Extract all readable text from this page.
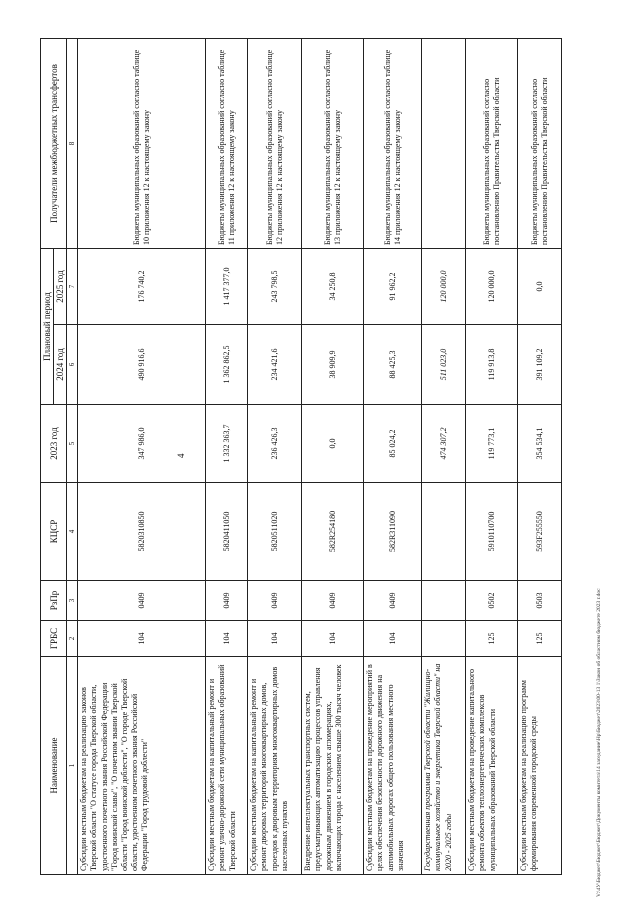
4
Наименование	ГРБС	РзПр	КЦСР	2023 год	Плановый период		Получатели межбюджетных трансфертов
					2024 год	2025 год	
1	2	3	4	5	6	7	8
Субсидии местным бюджетам на реализацию законов Тверской области "О статусе города Тверской области, удостоенного почетного звания Российской Федерации "Город воинской славы", "О почетном звании Тверской области "Город воинской доблести", "О городе Тверской области, удостоенном почетного звания Российской Федерации "Город трудовой доблести"	104	0409	5820310850	347 986,0	490 916,6	176 740,2	Бюджеты муниципальных образований согласно таблице 10 приложения 12 к настоящему закону
Субсидии местным бюджетам на капитальный ремонт и ремонт улично-дорожной сети муниципальных образований Тверской области	104	0409	5820411050	1 332 363,7	1 362 862,5	1 417 377,0	Бюджеты муниципальных образований согласно таблице 11 приложения 12 к настоящему закону
Субсидии местным бюджетам на капитальный ремонт и ремонт дворовых территорий многоквартирных домов, проездов к дворовым территориям многоквартирных домов населенных пунктов	104	0409	5820511020	236 426,3	234 421,6	243 798,5	Бюджеты муниципальных образований согласно таблице 12 приложения 12 к настоящему закону
Внедрение интеллектуальных транспортных систем, предусматривающих автоматизацию процессов управления дорожным движением в городских агломерациях, включающих города с населением свыше 300 тысяч человек	104	0409	582R254180	0,0	38 909,9	34 250,8	Бюджеты муниципальных образований согласно таблице 13 приложения 12 к настоящему закону
Субсидии местным бюджетам на проведение мероприятий в целях обеспечения безопасности дорожного движения на автомобильных дорогах общего пользования местного значения	104	0409	582R311090	85 024,2	88 425,3	91 962,2	Бюджеты муниципальных образований согласно таблице 14 приложения 12 к настоящему закону
Государственная программа Тверской области "Жилищно-коммунальное хозяйство и энергетика Тверской области" на 2020 - 2025 годы				474 307,2	511 023,0	120 000,0	
Субсидии местным бюджетам на проведение капитального ремонта объектов теплоэнергетических комплексов муниципальных образований Тверской области	125	0502	5910110700	119 773,1	119 913,8	120 000,0	Бюджеты муниципальных образований согласно постановлению Правительства Тверской области
Субсидии местным бюджетам на реализацию программ формирования современной городской среды	125	0503	593F255550	354 534,1	391 109,2	0,0	Бюджеты муниципальных образований согласно постановлению Правительства Тверской области
V:\4У\Бюджет\Бюджет\Бюджет\Документы комитета\14 заседание\Нр\Бюджет\2023\00-13 1\Закон об областном бюджете 2023 г.doc
